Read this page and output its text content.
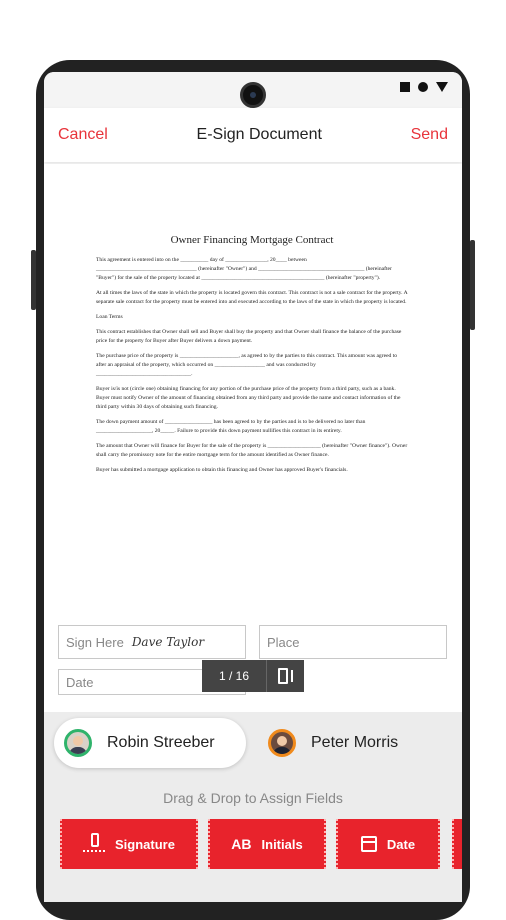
Cancel	E-Sign Document	Send
Owner Financing Mortgage Contract

This agreement is entered into on the __________ day of _______________, 20____ between ____________________________________ (hereinafter "Owner") and ______________________________________ (hereinafter "Buyer") for the sale of the property located at ____________________________________________ (hereinafter "property").

At all times the laws of the state in which the property is located govern this contract. This contract is not a sale contract for the property. A separate sale contract for the property must be entered into and executed according to the laws of the state in which the property is located.

Loan Terms

This contract establishes that Owner shall sell and Buyer shall buy the property and that Owner shall finance the balance of the purchase price for the property for Buyer after Buyer delivers a down payment.

The purchase price of the property is _____________________, as agreed to by the parties to this contract. This amount was agreed to after an appraisal of the property, which occurred on __________________ and was conducted by __________________________________.

Buyer is/is not (circle one) obtaining financing for any portion of the purchase price of the property from a third party, such as a bank. Buyer must notify Owner of the amount of financing obtained from any third party and provide the name and contact information of the third party within 30 days of obtaining such financing.

The down payment amount of _________________ has been agreed to by the parties and is to be delivered no later than ____________________, 20_____. Failure to provide this down payment nullifies this contract in its entirety.

The amount that Owner will finance for Buyer for the sale of the property is ___________________ (hereinafter "Owner finance"). Owner shall carry the promissory note for the entire mortgage term for the amount identified as Owner finance.

Buyer has submitted a mortgage application to obtain this financing and Owner has approved Buyer's financials.

Sign Here Dave Taylor	Place
Date	1 / 16
Robin Streeber	Peter Morris
Drag & Drop to Assign Fields
Signature	AB Initials	Date
